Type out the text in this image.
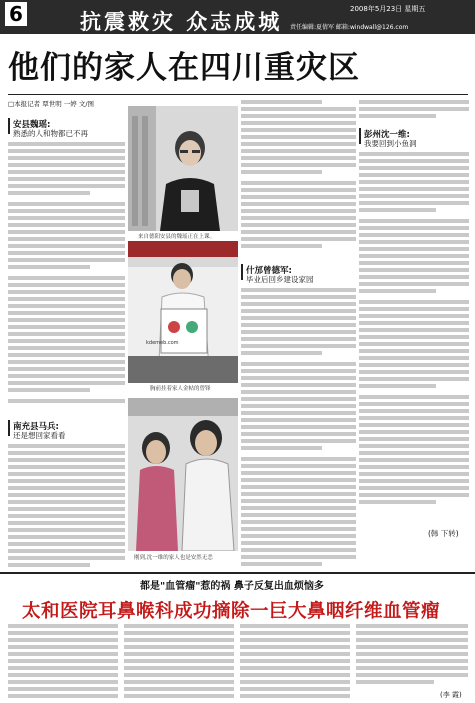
6	抗震救灾 众志成城	2008年5月23日 星期五
责任编辑:夏倩军 邮箱:windwall@126.com
他们的家人在四川重灾区
□本报记者 覃世明 一婷 文/图
安县魏瑶:
熟悉的人和物都已不再
南充县马兵:
还是想回家看看
来自德阳安县的魏瑶正在上课。
kdemeb.com
胸前挂着家人金帖的曾锋
刚到,沈一维的家人也是安然无恙
什邡曾德军:
毕业后回乡建设家园
彭州沈一维:
我要回到小鱼洞
(韩 下转)
都是"血管瘤"惹的祸 鼻子反复出血烦恼多
太和医院耳鼻喉科成功摘除一巨大鼻咽纤维血管瘤
(李 霞)
